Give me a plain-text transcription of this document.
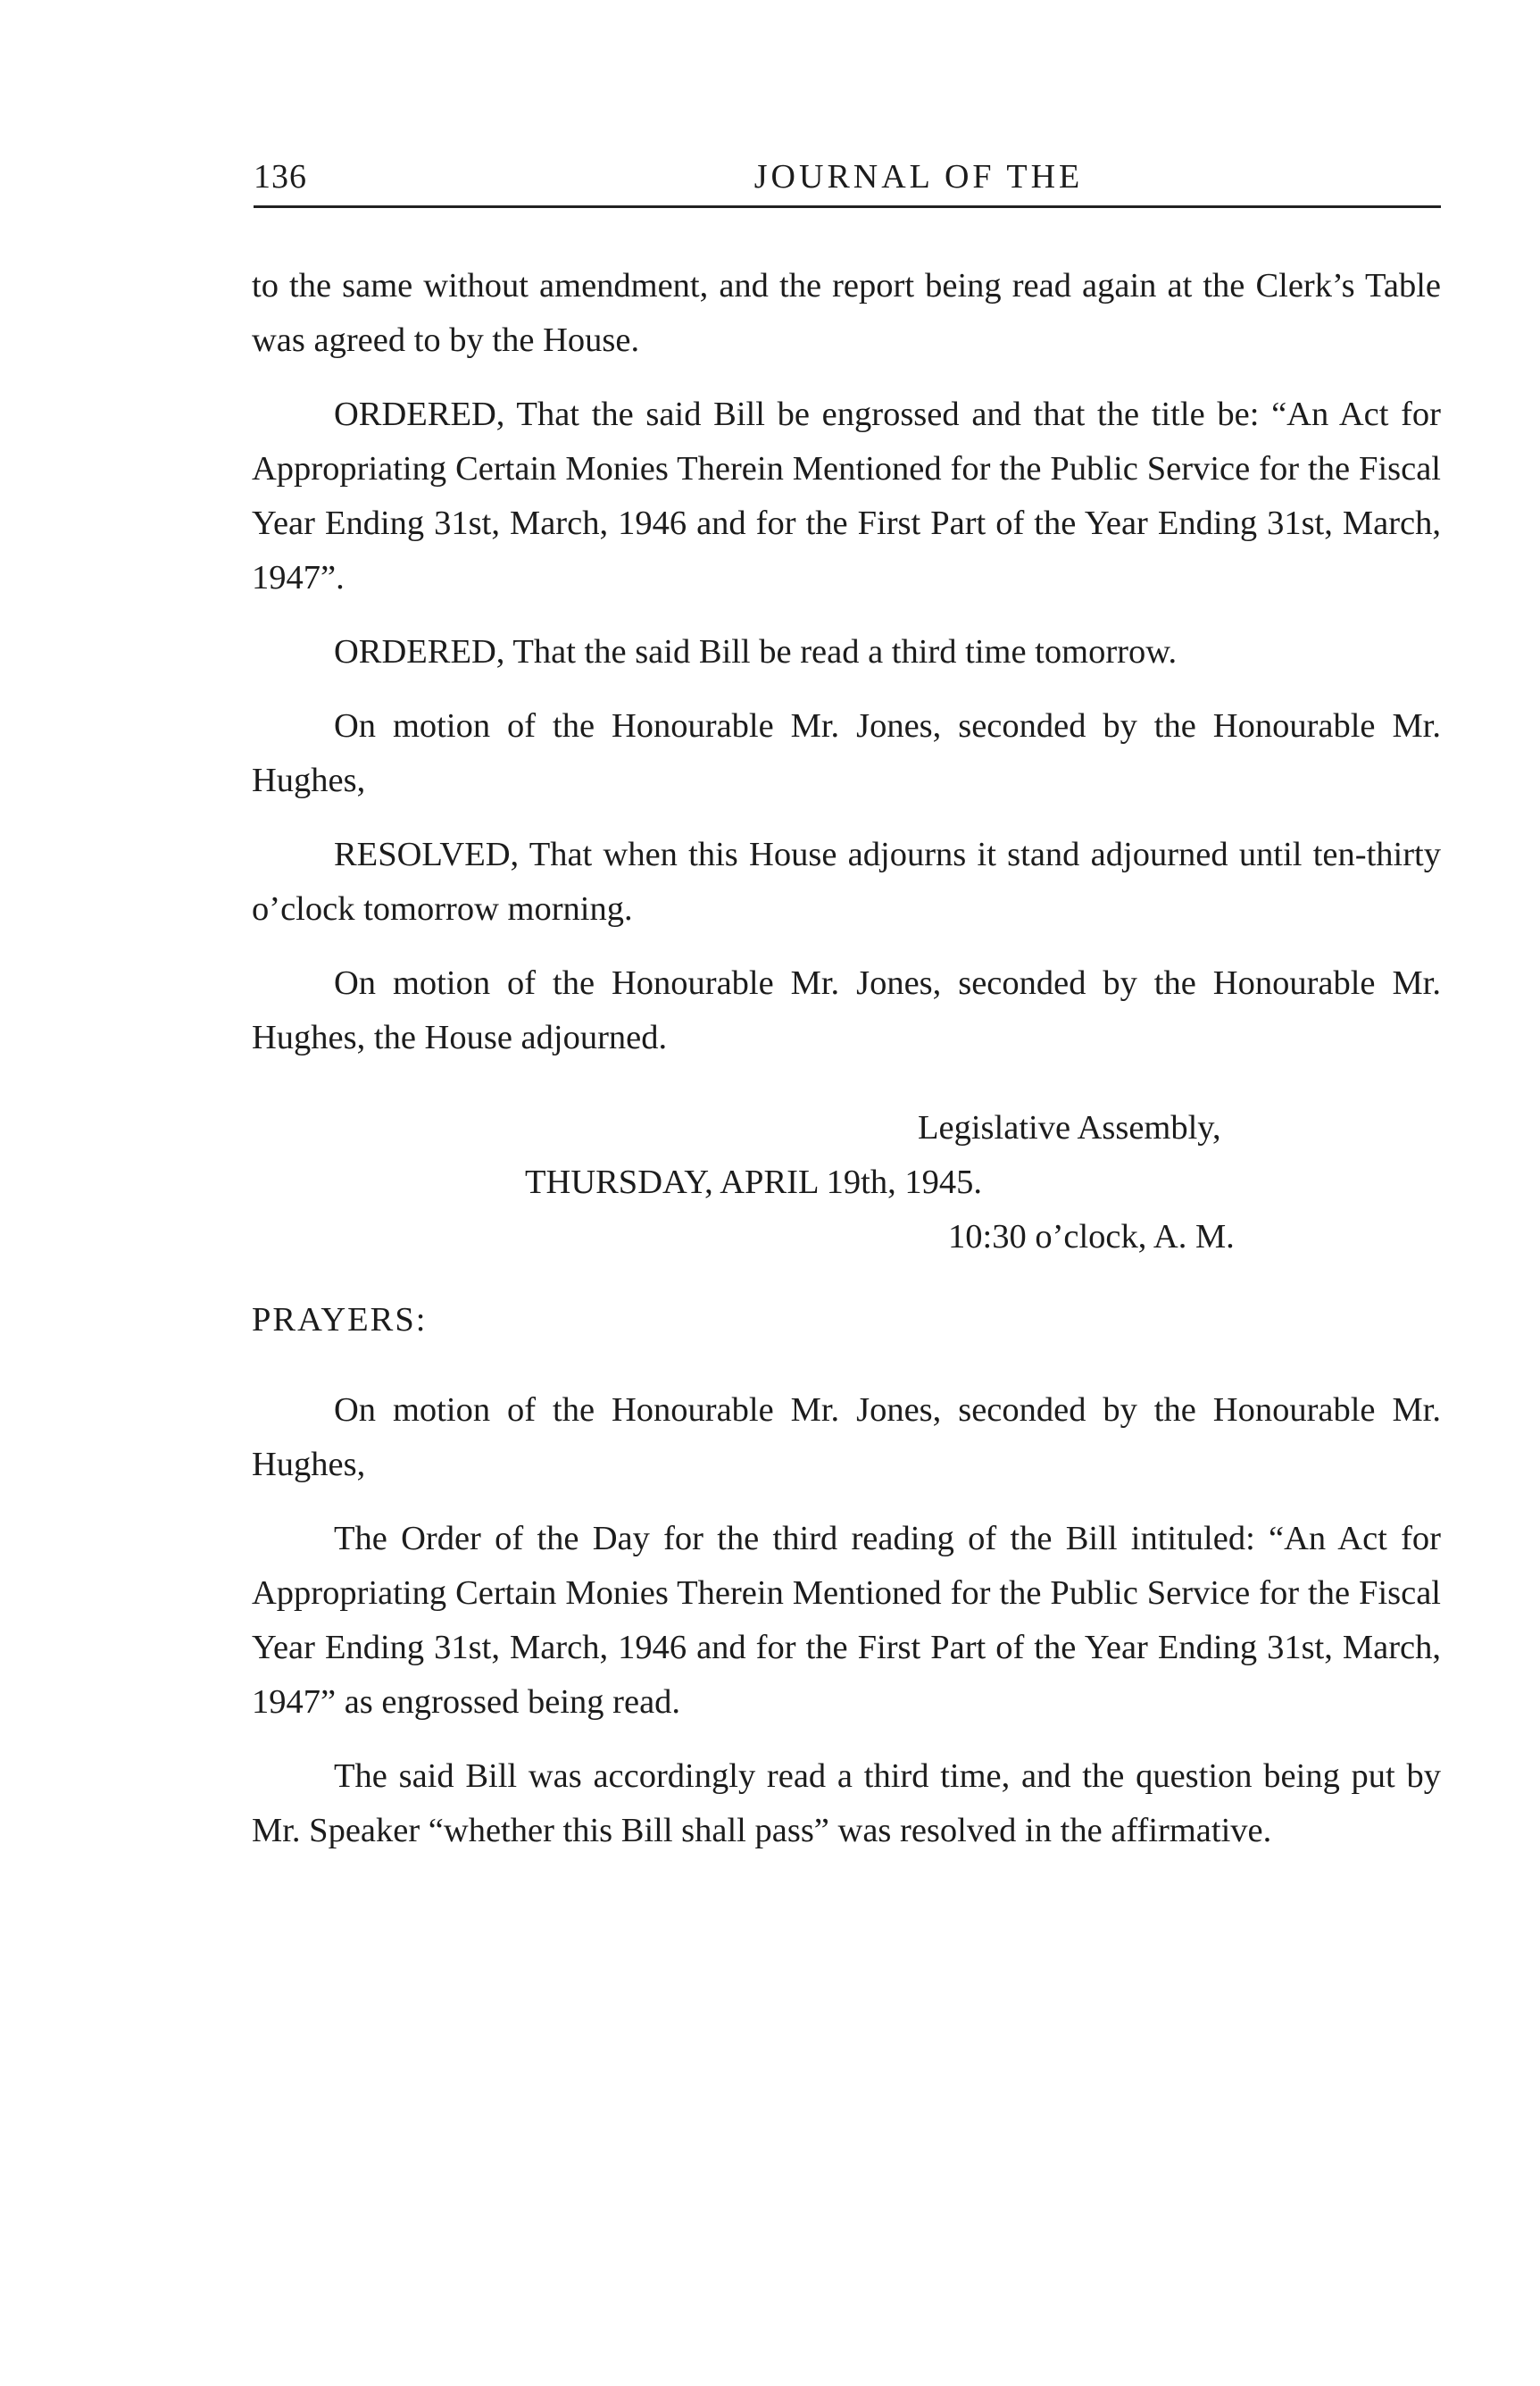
136	JOURNAL OF THE

to the same without amendment, and the report being read again at the Clerk’s Table was agreed to by the House.

ORDERED, That the said Bill be engrossed and that the title be: “An Act for Appropriating Certain Monies Therein Mentioned for the Public Service for the Fiscal Year Ending 31st, March, 1946 and for the First Part of the Year Ending 31st, March, 1947”.

ORDERED, That the said Bill be read a third time tomorrow.

On motion of the Honourable Mr. Jones, seconded by the Honourable Mr. Hughes,

RESOLVED, That when this House adjourns it stand adjourned until ten-thirty o’clock tomorrow morning.

On motion of the Honourable Mr. Jones, seconded by the Honourable Mr. Hughes, the House adjourned.

Legislative Assembly,
THURSDAY, APRIL 19th, 1945.
10:30 o’clock, A. M.

PRAYERS:

On motion of the Honourable Mr. Jones, seconded by the Honourable Mr. Hughes,

The Order of the Day for the third reading of the Bill intituled: “An Act for Appropriating Certain Monies Therein Mentioned for the Public Service for the Fiscal Year Ending 31st, March, 1946 and for the First Part of the Year Ending 31st, March, 1947” as engrossed being read.

The said Bill was accordingly read a third time, and the question being put by Mr. Speaker “whether this Bill shall pass” was resolved in the affirmative.
